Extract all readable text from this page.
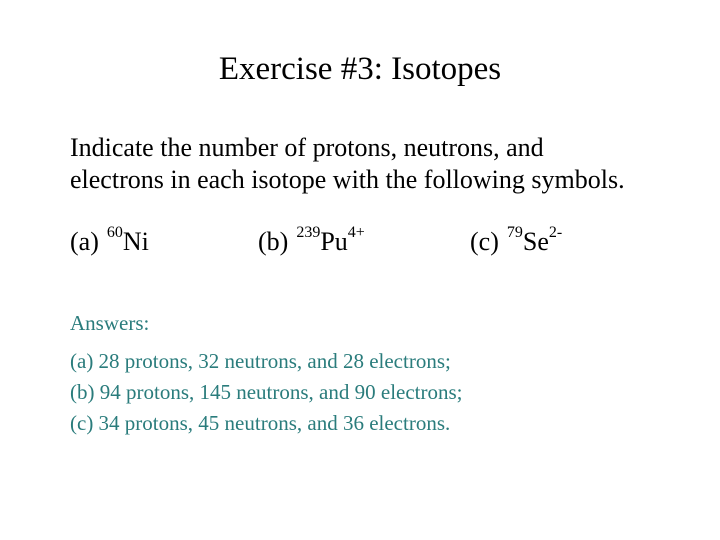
Exercise #3: Isotopes
Indicate the number of protons, neutrons, and
electrons in each isotope with the following symbols.
(a) $^{60}$Ni	(b) $^{239}Pu^{4+}$	(c) $^{79}Se^{2-}$
Answers:
(a) 28 protons, 32 neutrons, and 28 electrons;
(b) 94 protons, 145 neutrons, and 90 electrons;
(c) 34 protons, 45 neutrons, and 36 electrons.
